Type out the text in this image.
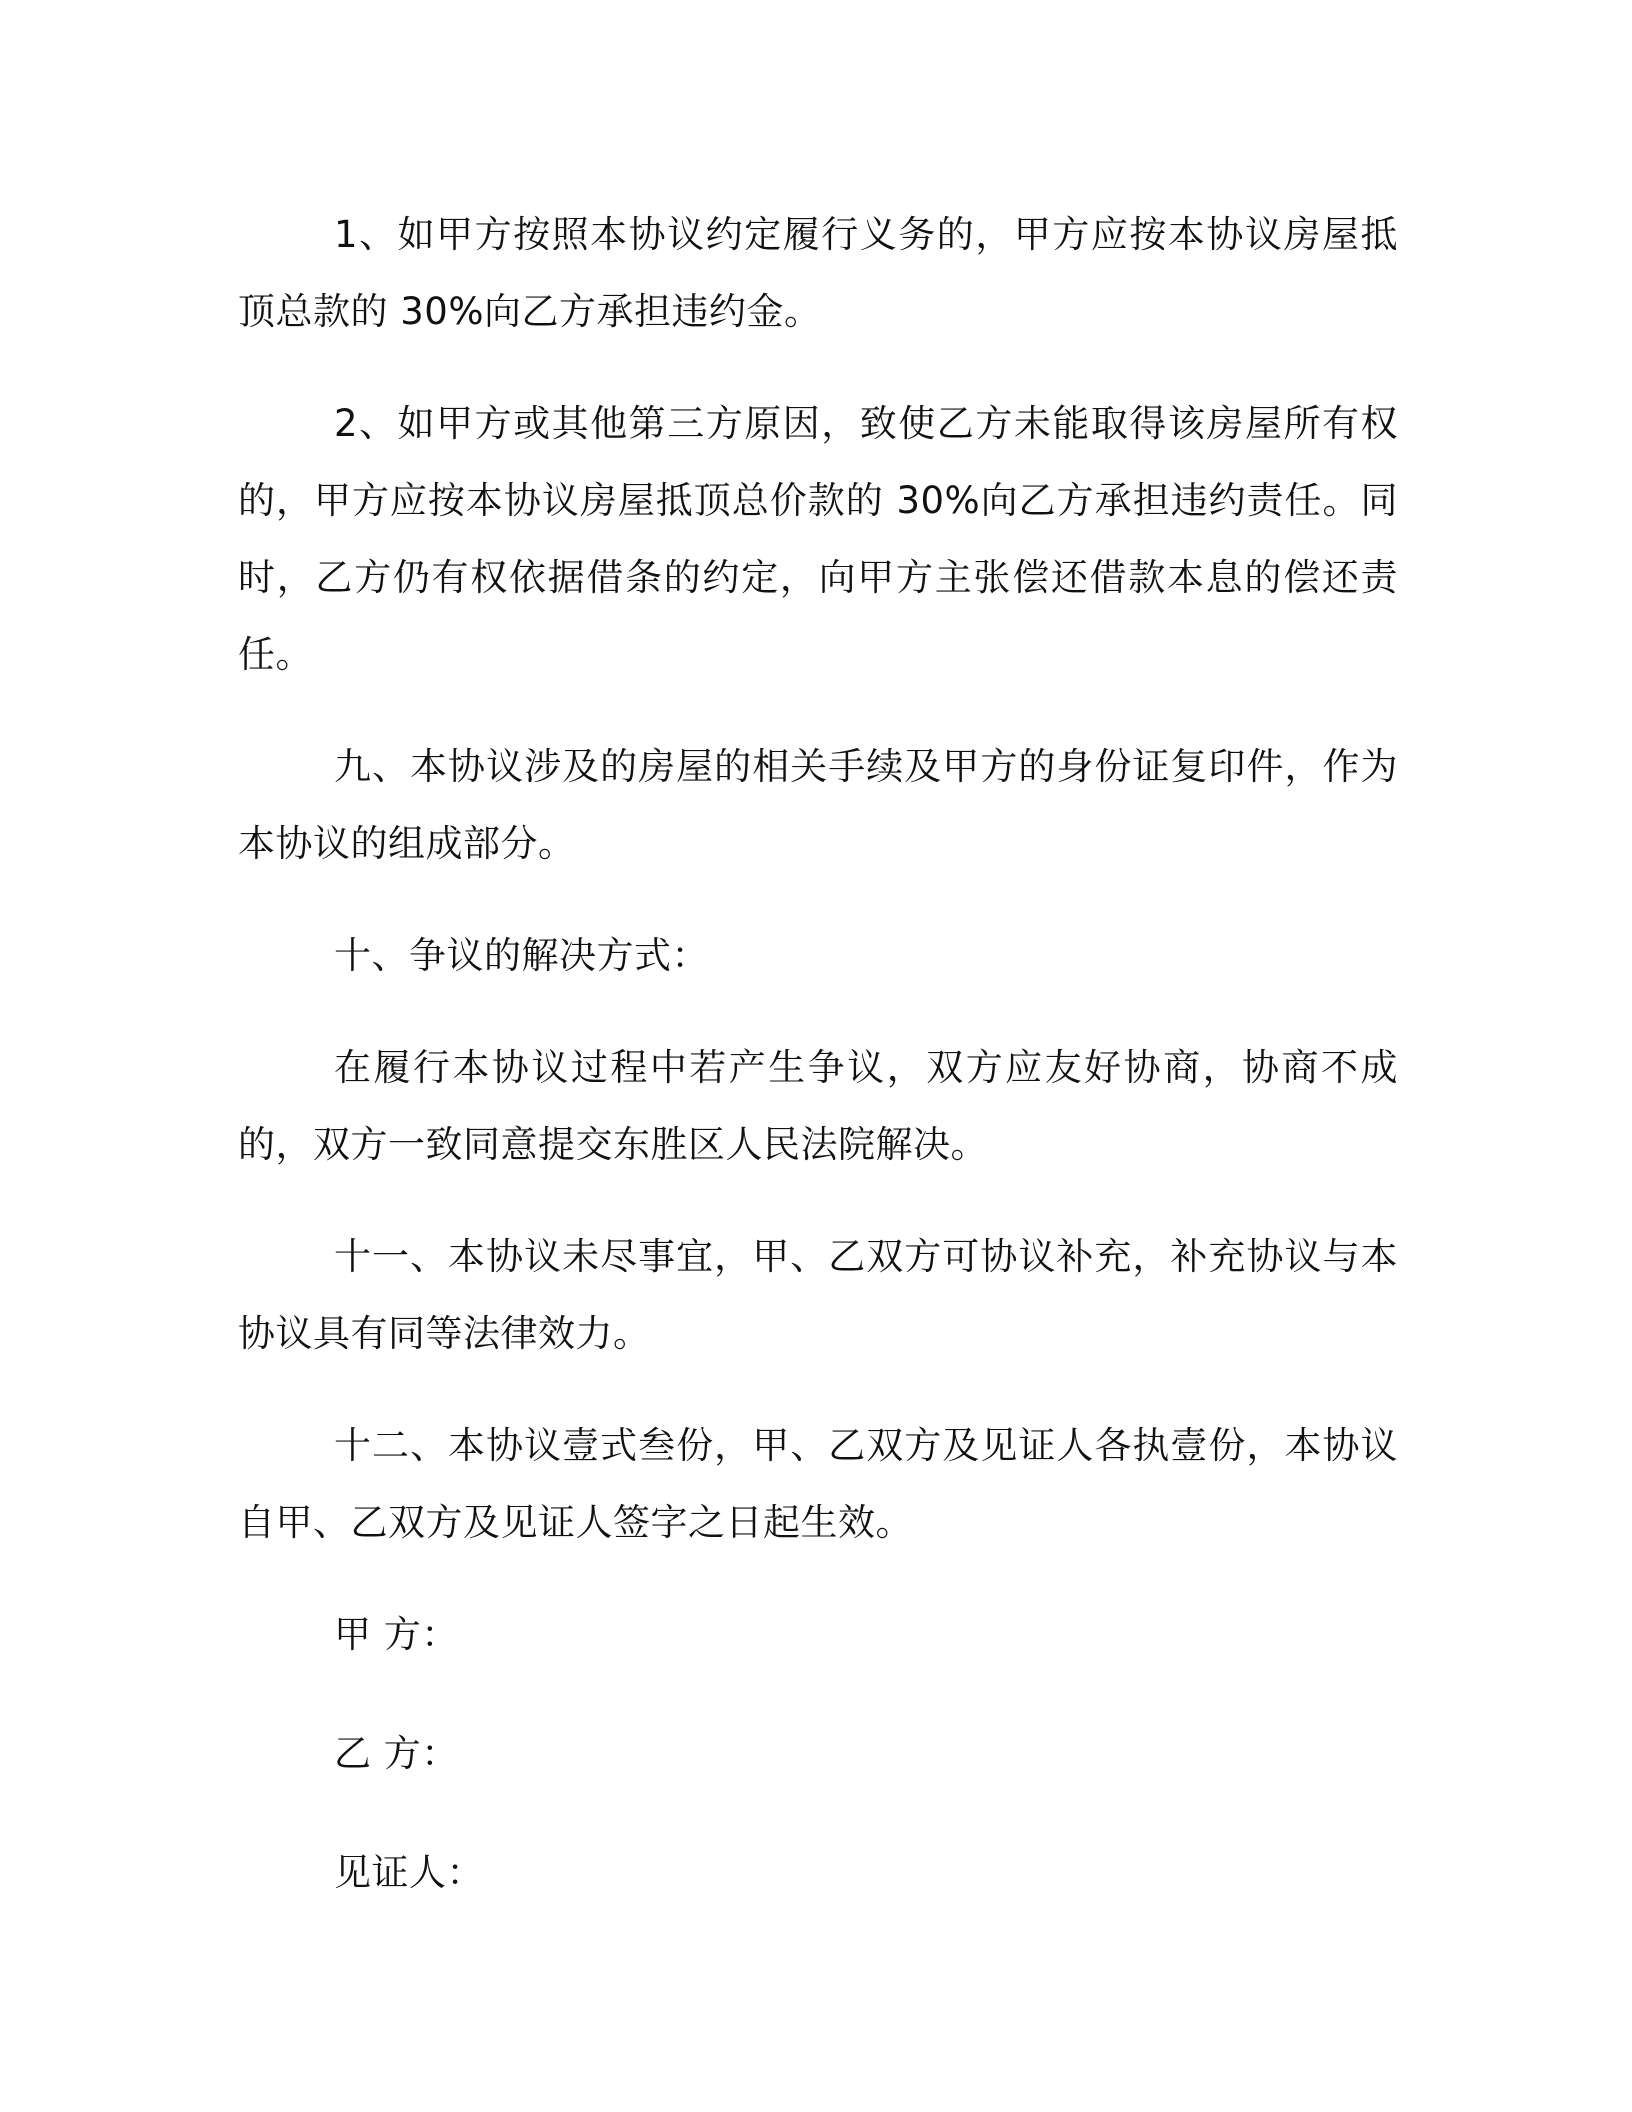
1、如甲方按照本协议约定履行义务的，甲方应按本协议房屋抵顶总款的 30%向乙方承担违约金。

2、如甲方或其他第三方原因，致使乙方未能取得该房屋所有权的，甲方应按本协议房屋抵顶总价款的 30%向乙方承担违约责任。同时，乙方仍有权依据借条的约定，向甲方主张偿还借款本息的偿还责任。

九、本协议涉及的房屋的相关手续及甲方的身份证复印件，作为本协议的组成部分。

十、争议的解决方式：

在履行本协议过程中若产生争议，双方应友好协商，协商不成的，双方一致同意提交东胜区人民法院解决。

十一、本协议未尽事宜，甲、乙双方可协议补充，补充协议与本协议具有同等法律效力。

十二、本协议壹式叁份，甲、乙双方及见证人各执壹份，本协议自甲、乙双方及见证人签字之日起生效。

甲 方：
乙 方：
见证人：
